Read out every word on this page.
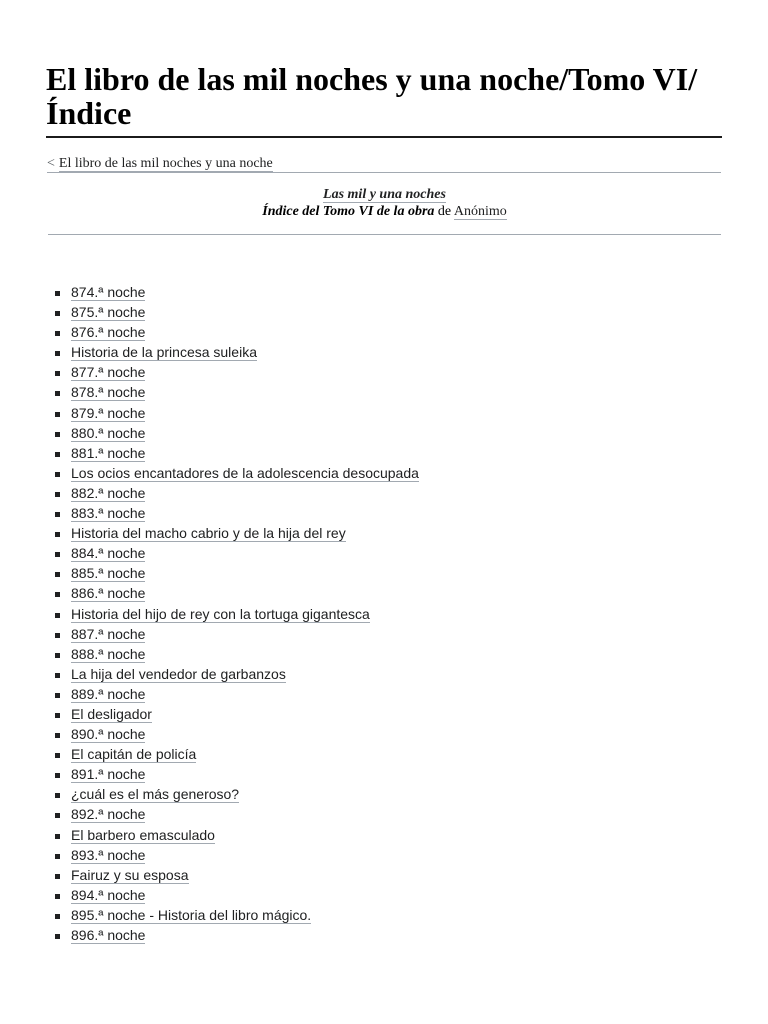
El libro de las mil noches y una noche/Tomo VI/
Índice
< El libro de las mil noches y una noche
Las mil y una noches
Índice del Tomo VI de la obra de Anónimo
874.ª noche
875.ª noche
876.ª noche
Historia de la princesa suleika
877.ª noche
878.ª noche
879.ª noche
880.ª noche
881.ª noche
Los ocios encantadores de la adolescencia desocupada
882.ª noche
883.ª noche
Historia del macho cabrio y de la hija del rey
884.ª noche
885.ª noche
886.ª noche
Historia del hijo de rey con la tortuga gigantesca
887.ª noche
888.ª noche
La hija del vendedor de garbanzos
889.ª noche
El desligador
890.ª noche
El capitán de policía
891.ª noche
¿cuál es el más generoso?
892.ª noche
El barbero emasculado
893.ª noche
Fairuz y su esposa
894.ª noche
895.ª noche - Historia del libro mágico.
896.ª noche
